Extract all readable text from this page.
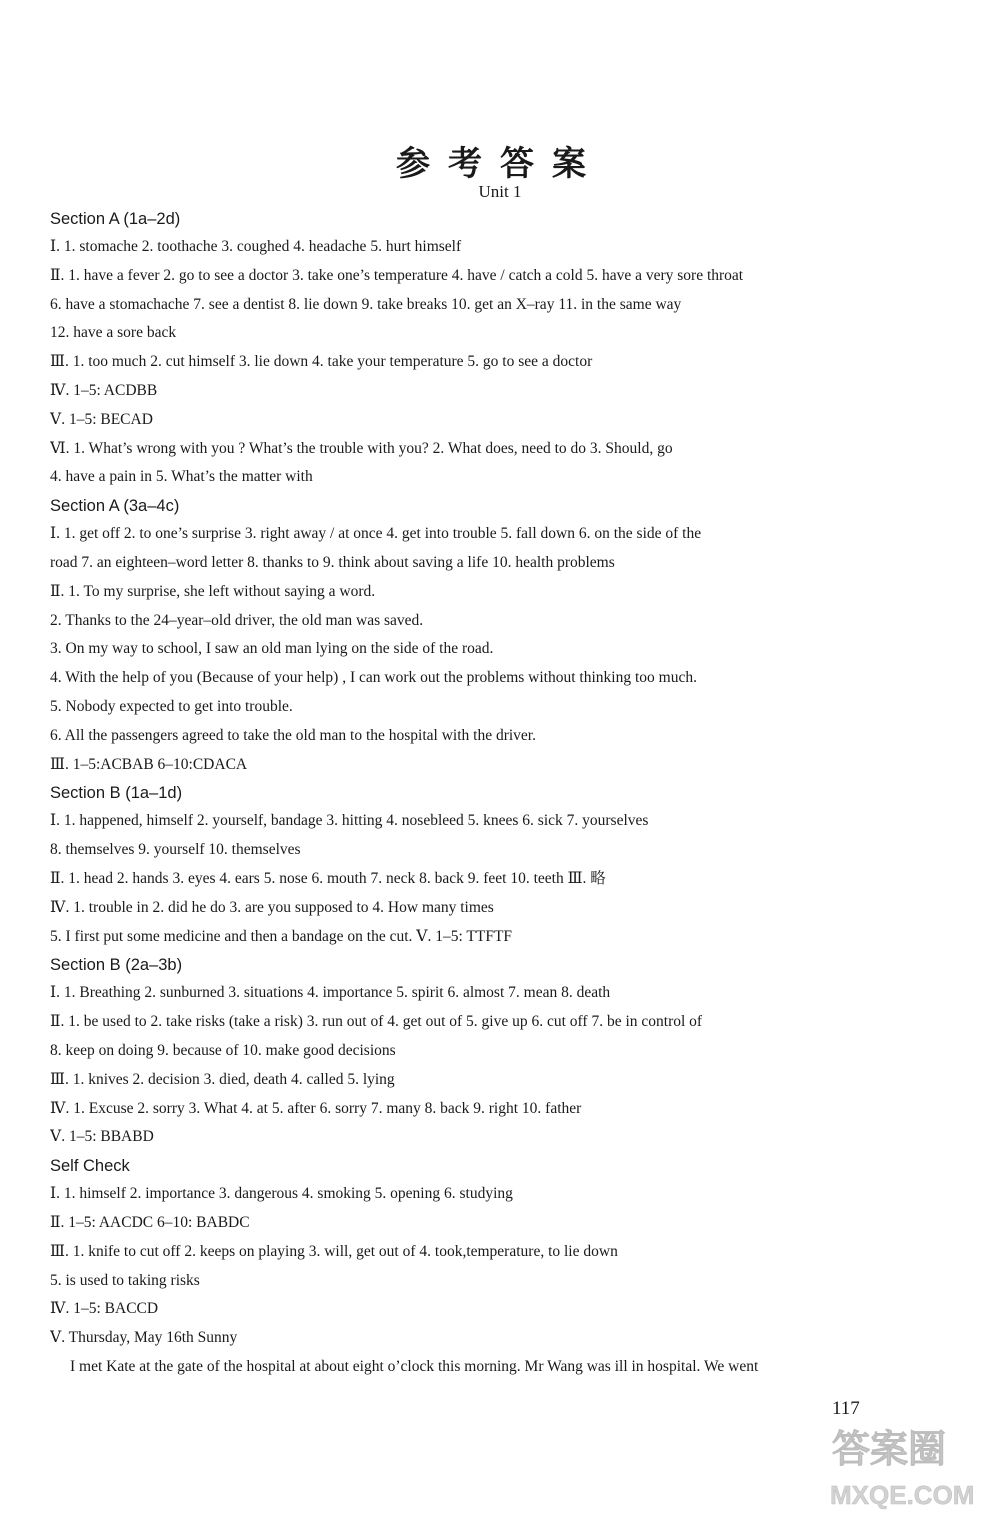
参考答案
Unit 1
Section A (1a–2d)
Ⅰ. 1. stomache 2. toothache 3. coughed 4. headache 5. hurt himself
Ⅱ. 1. have a fever 2. go to see a doctor 3. take one’s temperature 4. have / catch a cold 5. have a very sore throat
6. have a stomachache 7. see a dentist 8. lie down 9. take breaks 10. get an X–ray 11. in the same way
12. have a sore back
Ⅲ. 1. too much 2. cut himself 3. lie down 4. take your temperature 5. go to see a doctor
Ⅳ. 1–5: ACDBB
Ⅴ. 1–5: BECAD
Ⅵ. 1. What’s wrong with you ? What’s the trouble with you? 2. What does, need to do 3. Should, go
4. have a pain in 5. What’s the matter with
Section A (3a–4c)
Ⅰ. 1. get off 2. to one’s surprise 3. right away / at once 4. get into trouble 5. fall down 6. on the side of the
road 7. an eighteen–word letter 8. thanks to 9. think about saving a life 10. health problems
Ⅱ. 1. To my surprise, she left without saying a word.
2. Thanks to the 24–year–old driver, the old man was saved.
3. On my way to school, I saw an old man lying on the side of the road.
4. With the help of you (Because of your help) , I can work out the problems without thinking too much.
5. Nobody expected to get into trouble.
6. All the passengers agreed to take the old man to the hospital with the driver.
Ⅲ. 1–5:ACBAB 6–10:CDACA
Section B (1a–1d)
Ⅰ. 1. happened, himself 2. yourself, bandage 3. hitting 4. nosebleed 5. knees 6. sick 7. yourselves
8. themselves 9. yourself 10. themselves
Ⅱ. 1. head 2. hands 3. eyes 4. ears 5. nose 6. mouth 7. neck 8. back 9. feet 10. teeth Ⅲ. 略
Ⅳ. 1. trouble in 2. did he do 3. are you supposed to 4. How many times
5. I first put some medicine and then a bandage on the cut. Ⅴ. 1–5: TTFTF
Section B (2a–3b)
Ⅰ. 1. Breathing 2. sunburned 3. situations 4. importance 5. spirit 6. almost 7. mean 8. death
Ⅱ. 1. be used to 2. take risks (take a risk) 3. run out of 4. get out of 5. give up 6. cut off 7. be in control of
8. keep on doing 9. because of 10. make good decisions
Ⅲ. 1. knives 2. decision 3. died, death 4. called 5. lying
Ⅳ. 1. Excuse 2. sorry 3. What 4. at 5. after 6. sorry 7. many 8. back 9. right 10. father
Ⅴ. 1–5: BBABD
Self Check
Ⅰ. 1. himself 2. importance 3. dangerous 4. smoking 5. opening 6. studying
Ⅱ. 1–5: AACDC 6–10: BABDC
Ⅲ. 1. knife to cut off 2. keeps on playing 3. will, get out of 4. took,temperature, to lie down
5. is used to taking risks
Ⅳ. 1–5: BACCD
Ⅴ. Thursday, May 16th Sunny
I met Kate at the gate of the hospital at about eight o’clock this morning. Mr Wang was ill in hospital. We went
117
答案圈
MXQE.COM
